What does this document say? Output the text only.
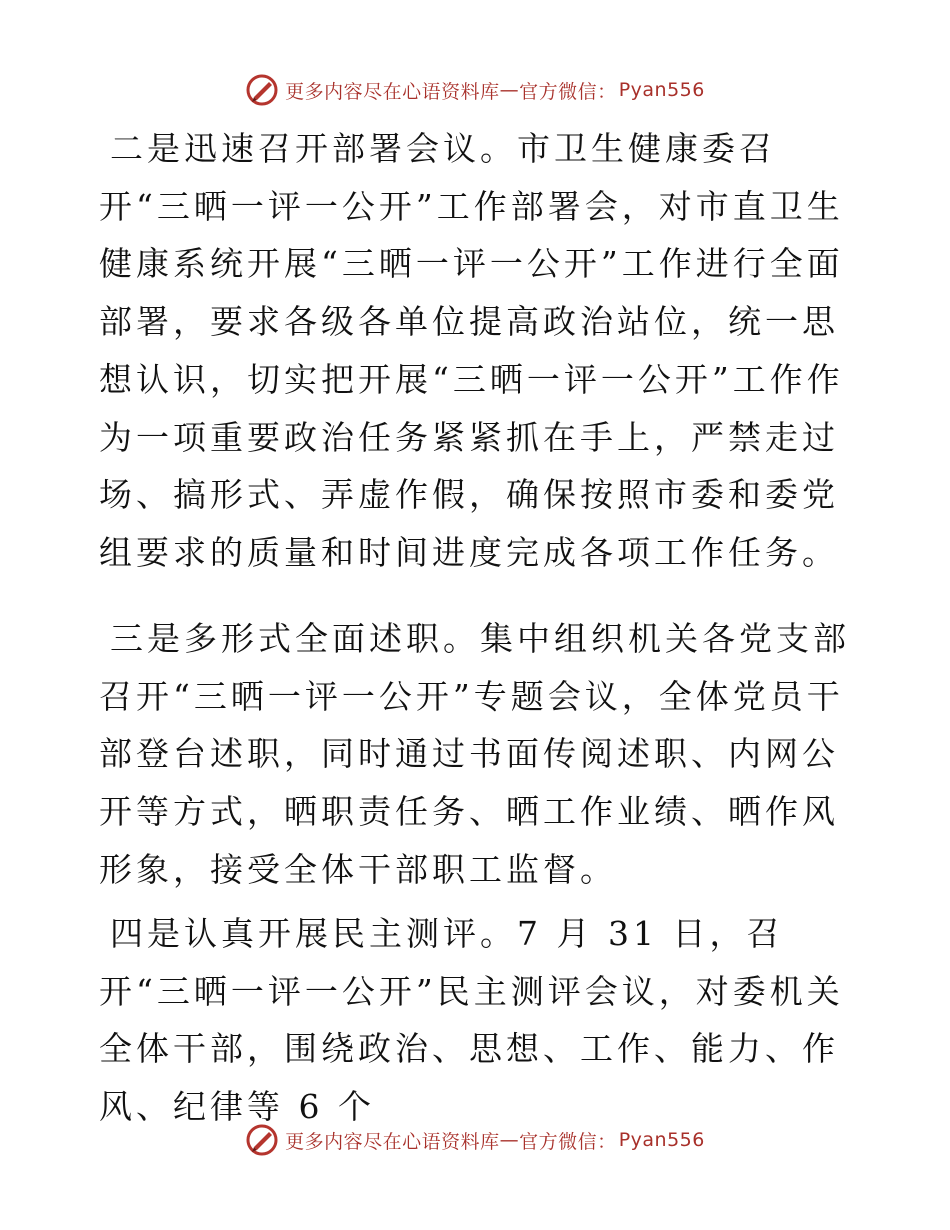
更多内容尽在心语资料库 — 官方微信： Pyan556

二是迅速召开部署会议。市卫生健康委召开“三晒一评一公开”工作部署会，对市直卫生健康系统开展“三晒一评一公开”工作进行全面部署，要求各级各单位提高政治站位，统一思想认识，切实把开展“三晒一评一公开”工作作为一项重要政治任务紧紧抓在手上，严禁走过场、搞形式、弄虚作假，确保按照市委和委党组要求的质量和时间进度完成各项工作任务。

三是多形式全面述职。集中组织机关各党支部召开“三晒一评一公开”专题会议，全体党员干部登台述职，同时通过书面传阅述职、内网公开等方式，晒职责任务、晒工作业绩、晒作风形象，接受全体干部职工监督。

四是认真开展民主测评。7 月 31 日，召开“三晒一评一公开”民主测评会议，对委机关全体干部，围绕政治、思想、工作、能力、作风、纪律等 6 个

更多内容尽在心语资料库 — 官方微信： Pyan556
